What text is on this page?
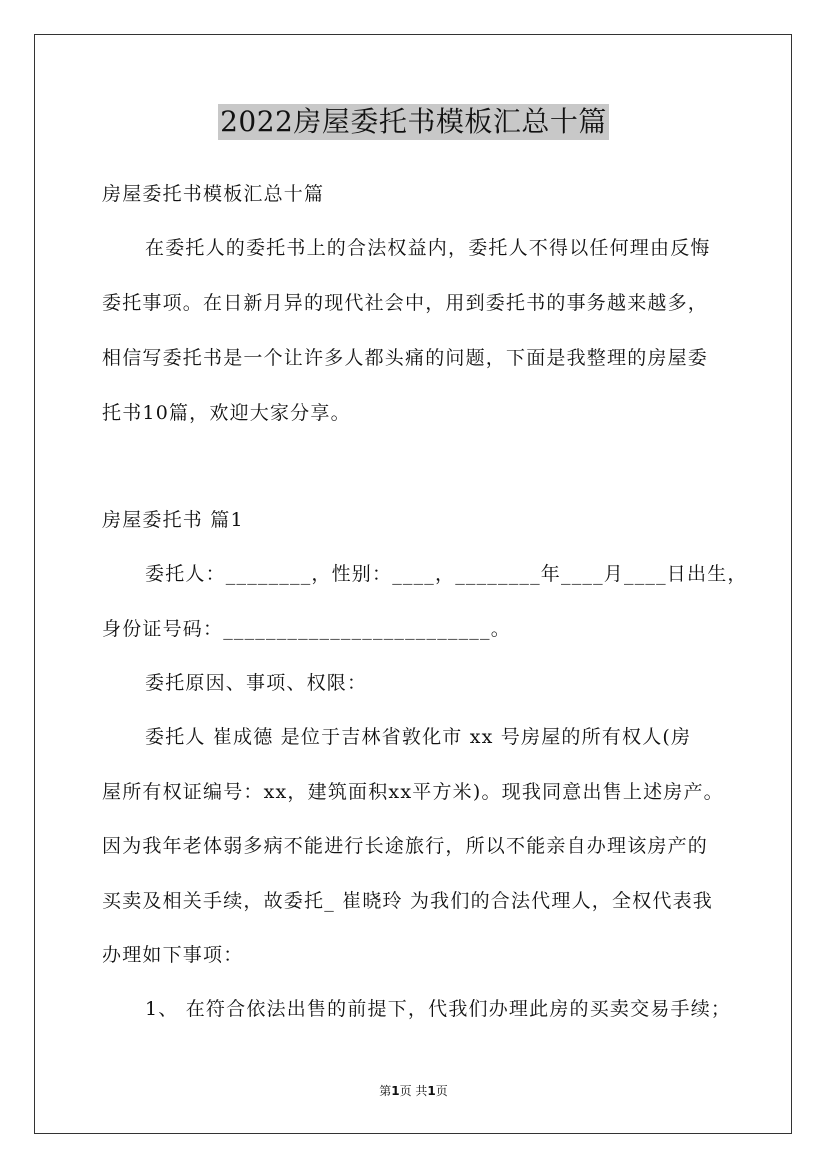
2022房屋委托书模板汇总十篇
房屋委托书模板汇总十篇
在委托人的委托书上的合法权益内，委托人不得以任何理由反悔
委托事项。在日新月异的现代社会中，用到委托书的事务越来越多，
相信写委托书是一个让许多人都头痛的问题，下面是我整理的房屋委
托书10篇，欢迎大家分享。
房屋委托书 篇1
委托人：________，性别：____，________年____月____日出生，
身份证号码：_________________________。
委托原因、事项、权限：
委托人 崔成德 是位于吉林省敦化市 xx 号房屋的所有权人(房
屋所有权证编号：xx，建筑面积xx平方米)。现我同意出售上述房产。
因为我年老体弱多病不能进行长途旅行，所以不能亲自办理该房产的
买卖及相关手续，故委托_ 崔晓玲 为我们的合法代理人，全权代表我
办理如下事项：
1、 在符合依法出售的前提下，代我们办理此房的买卖交易手续；
第1页 共1页
